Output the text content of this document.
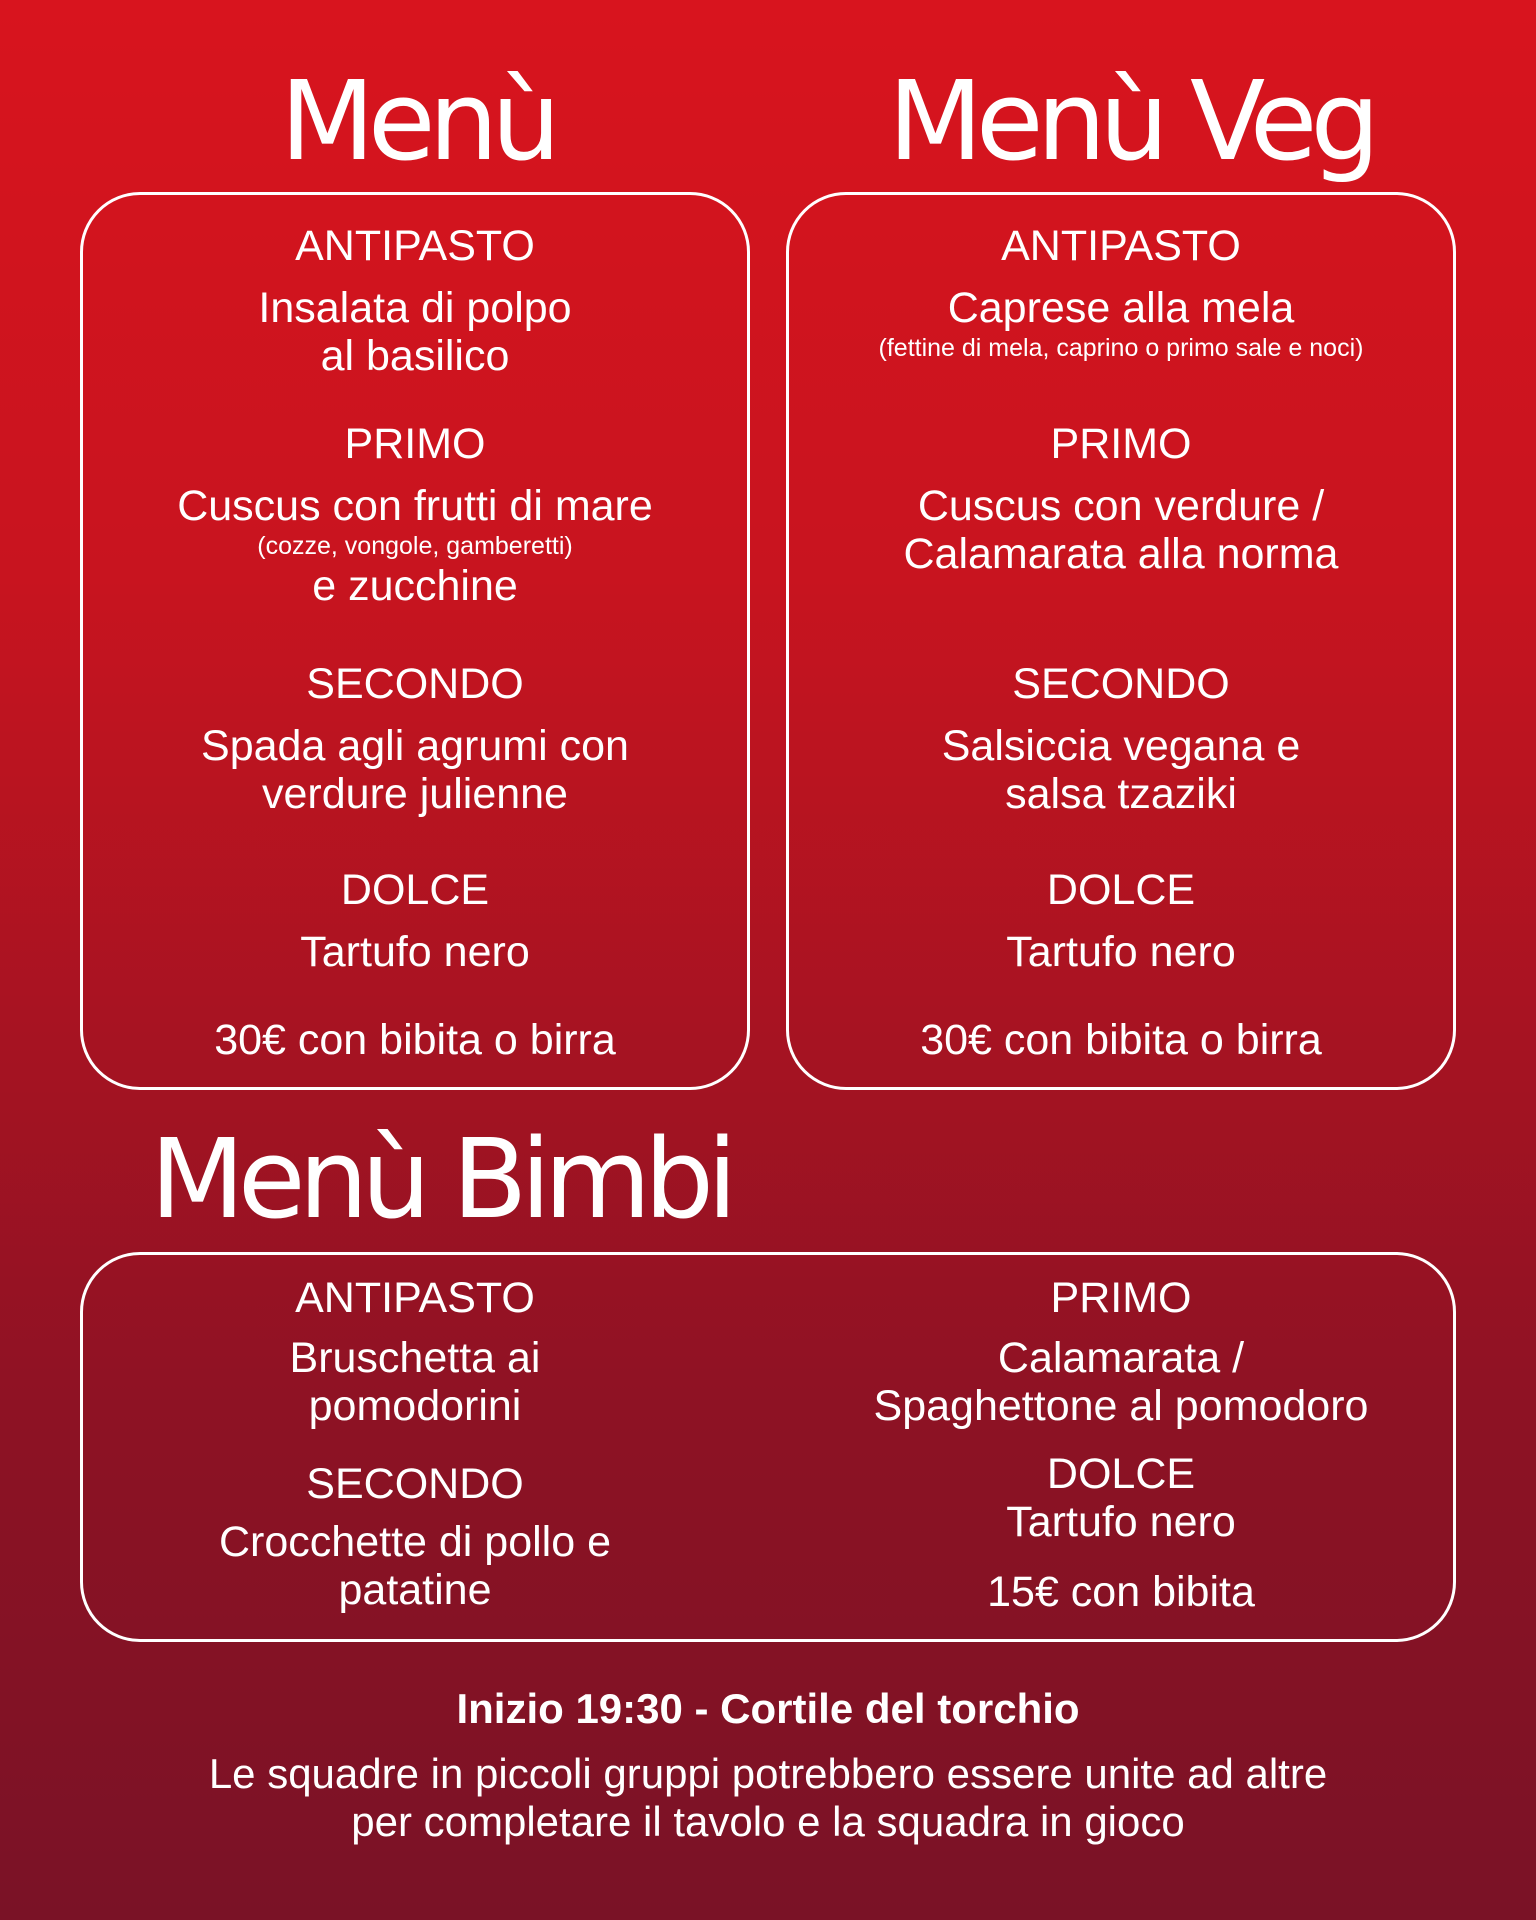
Menù

ANTIPASTO

Insalata di polpo

al basilico

PRIMO

Cuscus con frutti di mare

(cozze, vongole, gamberetti)

e zucchine

SECONDO

Spada agli agrumi con

verdure julienne

DOLCE

Tartufo nero

30€ con bibita o birra

Menù Veg

ANTIPASTO

Caprese alla mela

(fettine di mela, caprino o primo sale e noci)

PRIMO

Cuscus con verdure /

Calamarata alla norma

SECONDO

Salsiccia vegana e

salsa tzaziki

DOLCE

Tartufo nero

30€ con bibita o birra

Menù Bimbi

ANTIPASTO

Bruschetta ai

pomodorini

SECONDO

Crocchette di pollo e

patatine

PRIMO

Calamarata /

Spaghettone al pomodoro

DOLCE

Tartufo nero

15€ con bibita

Inizio 19:30 - Cortile del torchio
Le squadre in piccoli gruppi potrebbero essere unite ad altre
per completare il tavolo e la squadra in gioco
